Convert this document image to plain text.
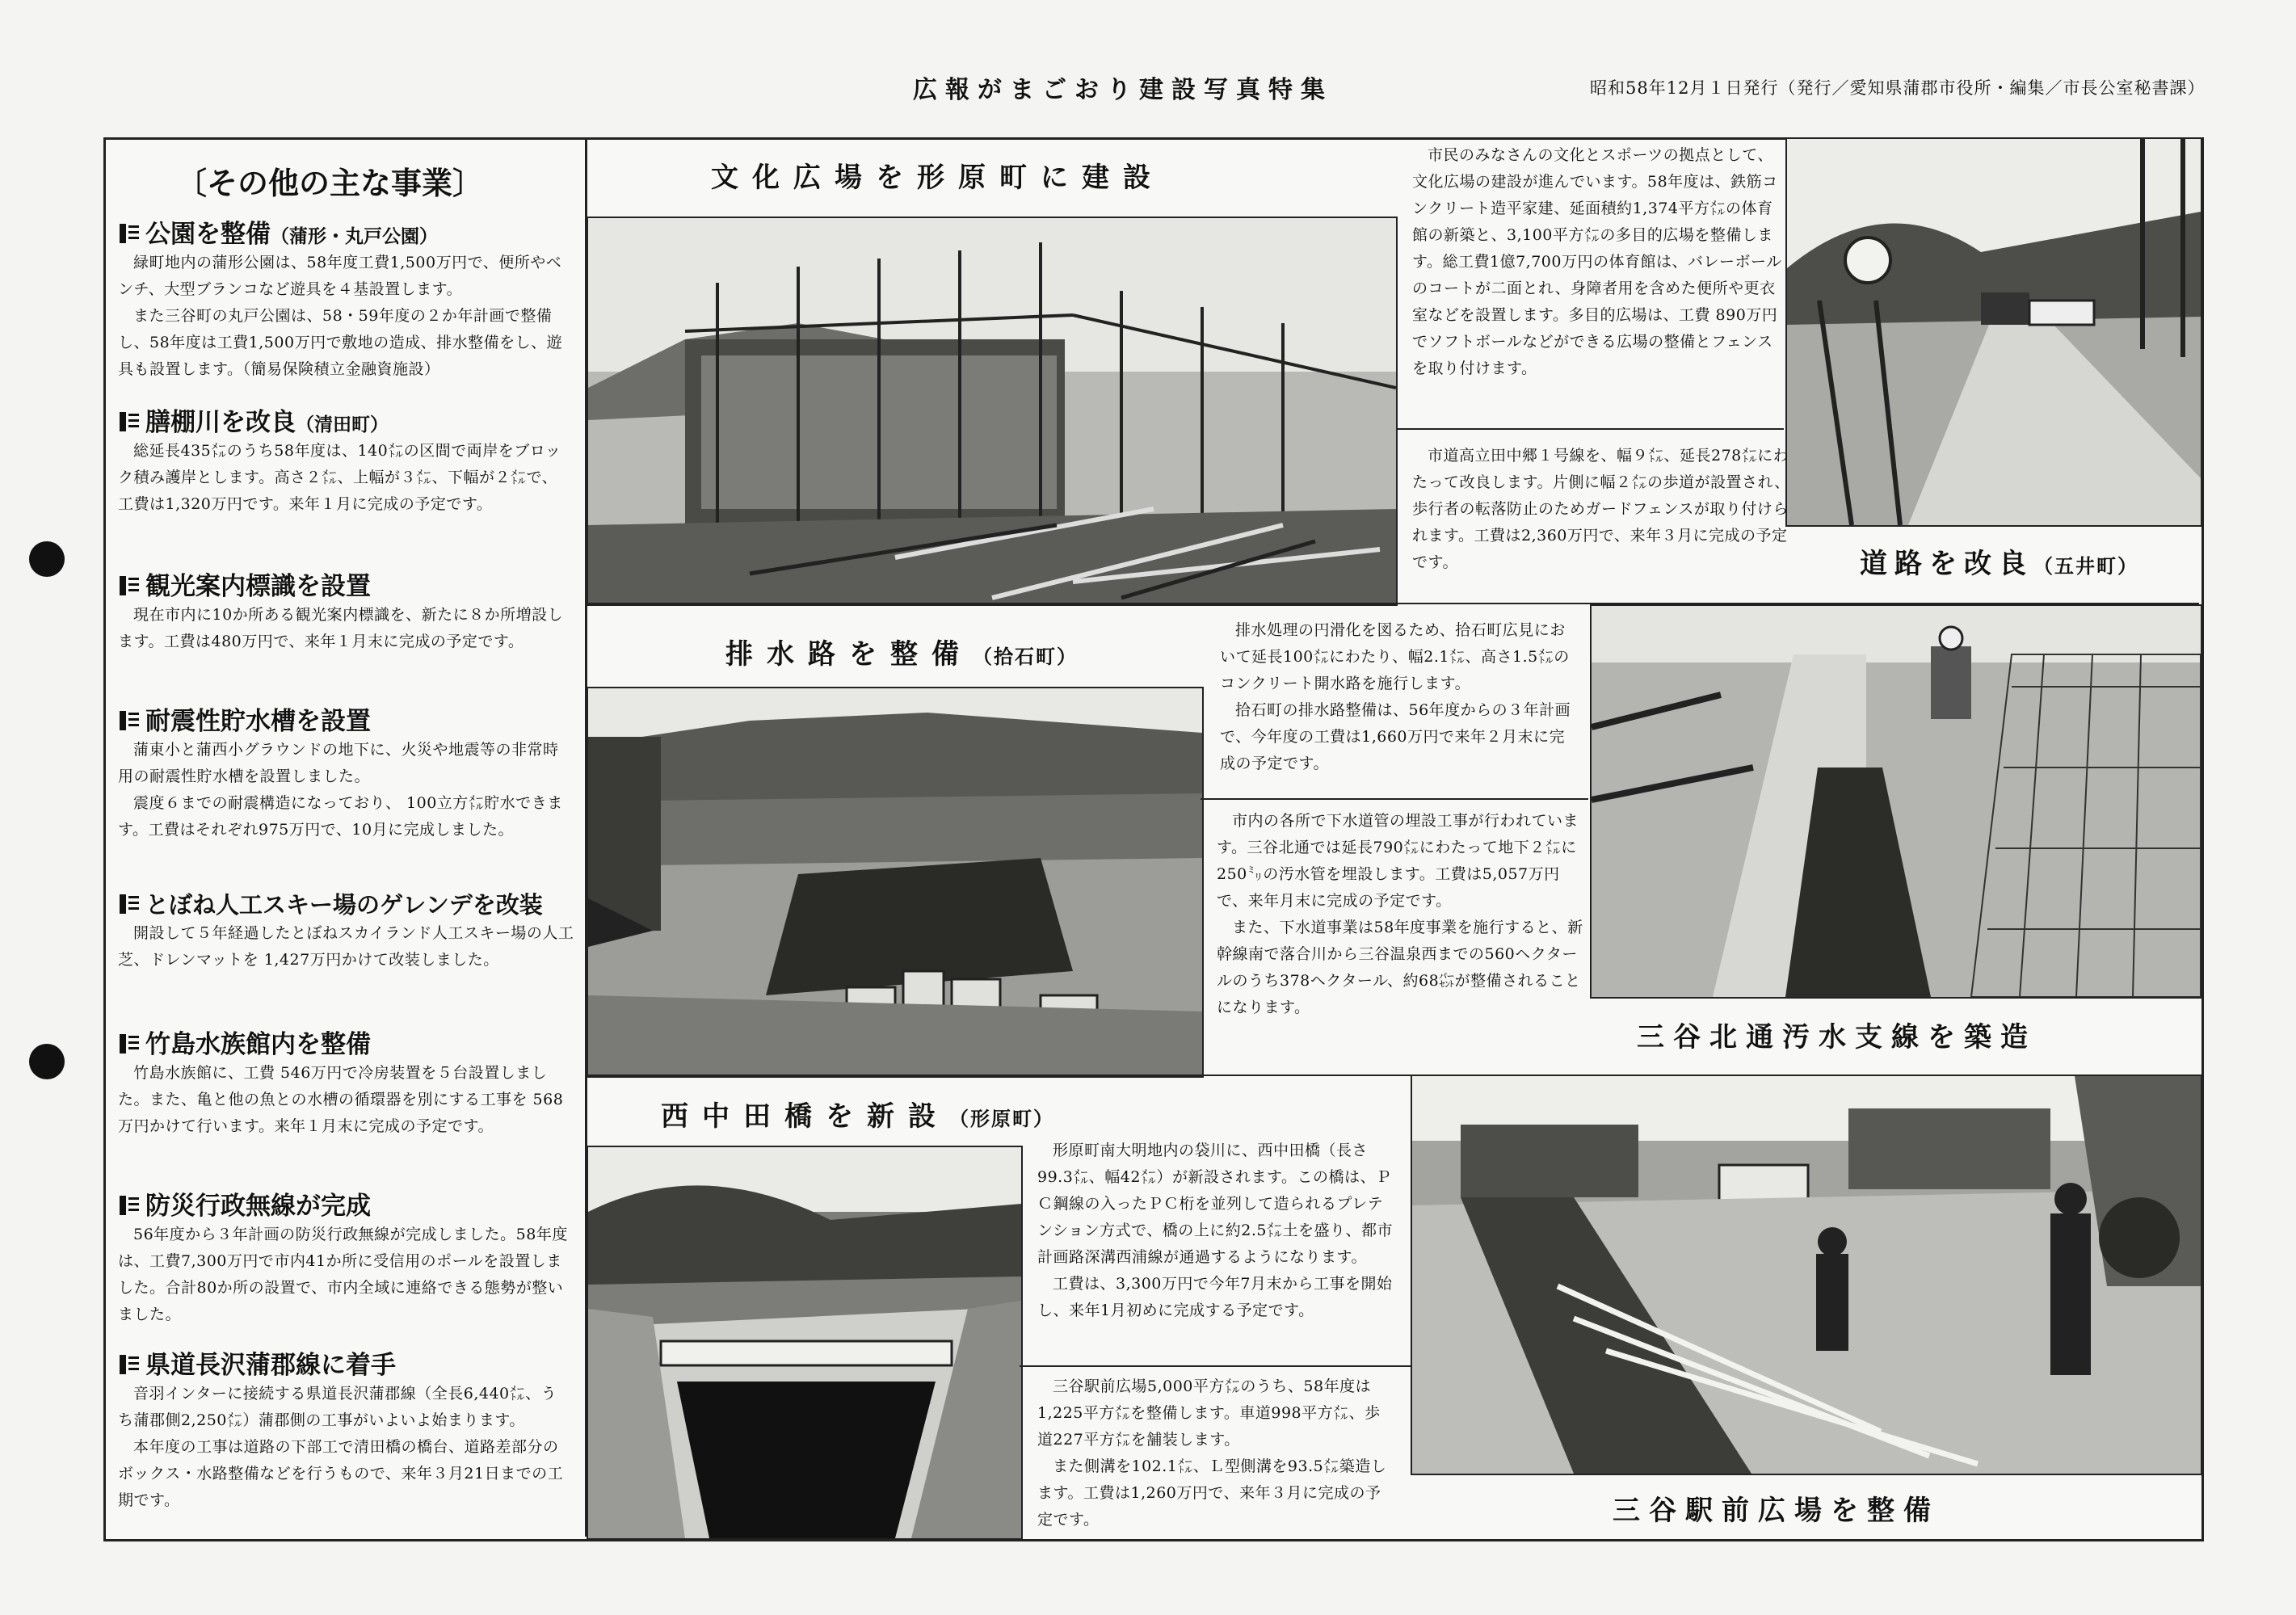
広報がまごおり建設写真特集	昭和58年12月１日発行（発行／愛知県蒲郡市役所・編集／市長公室秘書課）
〔その他の主な事業〕
公園を整備（蒲形・丸戸公園）

緑町地内の蒲形公園は、58年度工費1,500万円で、便所やベンチ、大型ブランコなど遊具を４基設置します。

また三谷町の丸戸公園は、58・59年度の２か年計画で整備し、58年度は工費1,500万円で敷地の造成、排水整備をし、遊具も設置します。（簡易保険積立金融資施設）

膳棚川を改良（清田町）

総延長435㍍のうち58年度は、140㍍の区間で両岸をブロック積み護岸とします。高さ２㍍、上幅が３㍍、下幅が２㍍で、工費は1,320万円です。来年１月に完成の予定です。

観光案内標識を設置

現在市内に10か所ある観光案内標識を、新たに８か所増設します。工費は480万円で、来年１月末に完成の予定です。

耐震性貯水槽を設置

蒲東小と蒲西小グラウンドの地下に、火災や地震等の非常時用の耐震性貯水槽を設置しました。

震度６までの耐震構造になっており、 100立方㍍貯水できます。工費はそれぞれ975万円で、10月に完成しました。

とぼね人工スキー場のゲレンデを改装

開設して５年経過したとぼねスカイランド人工スキー場の人工芝、ドレンマットを 1,427万円かけて改装しました。

竹島水族館内を整備

竹島水族館に、工費 546万円で冷房装置を５台設置しました。また、亀と他の魚との水槽の循環器を別にする工事を 568万円かけて行います。来年１月末に完成の予定です。

防災行政無線が完成

56年度から３年計画の防災行政無線が完成しました。58年度は、工費7,300万円で市内41か所に受信用のポールを設置しました。合計80か所の設置で、市内全域に連絡できる態勢が整いました。

県道長沢蒲郡線に着手

音羽インターに接続する県道長沢蒲郡線（全長6,440㍍、うち蒲郡側2,250㍍）蒲郡側の工事がいよいよ始まります。

本年度の工事は道路の下部工で清田橋の橋台、道路差部分のボックス・水路整備などを行うもので、来年３月21日までの工期です。

文化広場を形原町に建設

市民のみなさんの文化とスポーツの拠点として、文化広場の建設が進んでいます。58年度は、鉄筋コンクリート造平家建、延面積約1,374平方㍍の体育館の新築と、3,100平方㍍の多目的広場を整備します。総工費1億7,700万円の体育館は、バレーボールのコートが二面とれ、身障者用を含めた便所や更衣室などを設置します。多目的広場は、工費 890万円でソフトボールなどができる広場の整備とフェンスを取り付けます。

市道高立田中郷１号線を、幅９㍍、延長278㍍にわたって改良します。片側に幅２㍍の歩道が設置され、歩行者の転落防止のためガードフェンスが取り付けられます。工費は2,360万円で、来年３月に完成の予定です。	道路を改良（五井町）
排水路を整備（拾石町）

排水処理の円滑化を図るため、拾石町広見において延長100㍍にわたり、幅2.1㍍、高さ1.5㍍のコンクリート開水路を施行します。

拾石町の排水路整備は、56年度からの３年計画で、今年度の工費は1,660万円で来年２月末に完成の予定です。

市内の各所で下水道管の埋設工事が行われています。三谷北通では延長790㍍にわたって地下２㍍に 250㍉の汚水管を埋設します。工費は5,057万円で、来年月末に完成の予定です。

また、下水道事業は58年度事業を施行すると、新幹線南で落合川から三谷温泉西までの560ヘクタールのうち378ヘクタール、約68㌫が整備されることになります。

三谷北通汚水支線を築造
西中田橋を新設（形原町）

形原町南大明地内の袋川に、西中田橋（長さ99.3㍍、幅42㍍）が新設されます。この橋は、ＰＣ鋼線の入ったＰＣ桁を並列して造られるプレテンション方式で、橋の上に約2.5㍍土を盛り、都市計画路深溝西浦線が通過するようになります。

工費は、3,300万円で今年7月末から工事を開始し、来年1月初めに完成する予定です。

三谷駅前広場5,000平方㍍のうち、58年度は1,225平方㍍を整備します。車道998平方㍍、歩道227平方㍍を舗装します。

また側溝を102.1㍍、Ｌ型側溝を93.5㍍築造します。工費は1,260万円で、来年３月に完成の予定です。	三谷駅前広場を整備
